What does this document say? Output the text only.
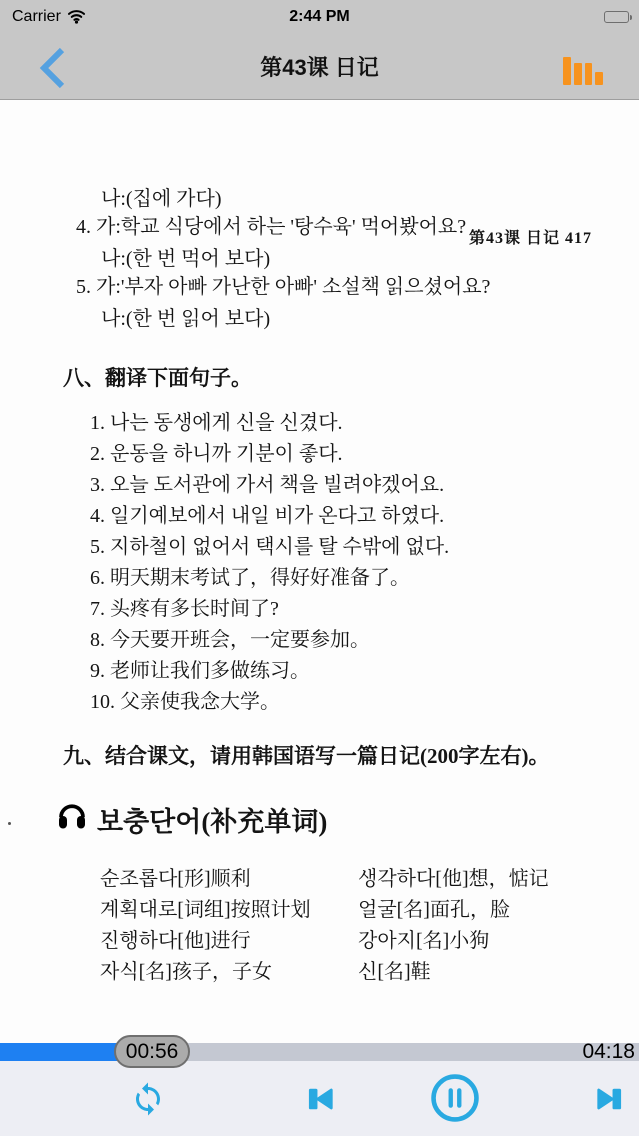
Carrier	2:44 PM
第43课 日记
第43课 日记 417
나:(집에 가다)
4. 가:학교 식당에서 하는 '탕수육' 먹어봤어요?
나:(한 번 먹어 보다)
5. 가:'부자 아빠 가난한 아빠' 소설책 읽으셨어요?
나:(한 번 읽어 보다)
八、翻译下面句子。
1. 나는 동생에게 신을 신겼다.
2. 운동을 하니까 기분이 좋다.
3. 오늘 도서관에 가서 책을 빌려야겠어요.
4. 일기예보에서 내일 비가 온다고 하였다.
5. 지하철이 없어서 택시를 탈 수밖에 없다.
6. 明天期末考试了，得好好准备了。
7. 头疼有多长时间了?
8. 今天要开班会，一定要参加。
9. 老师让我们多做练习。
10. 父亲使我念大学。
九、结合课文，请用韩国语写一篇日记(200字左右)。
보충단어(补充单词)
순조롭다[形]顺利
계획대로[词组]按照计划
진행하다[他]进行
자식[名]孩子，子女
생각하다[他]想，惦记
얼굴[名]面孔，脸
강아지[名]小狗
신[名]鞋
00:56	04:18
